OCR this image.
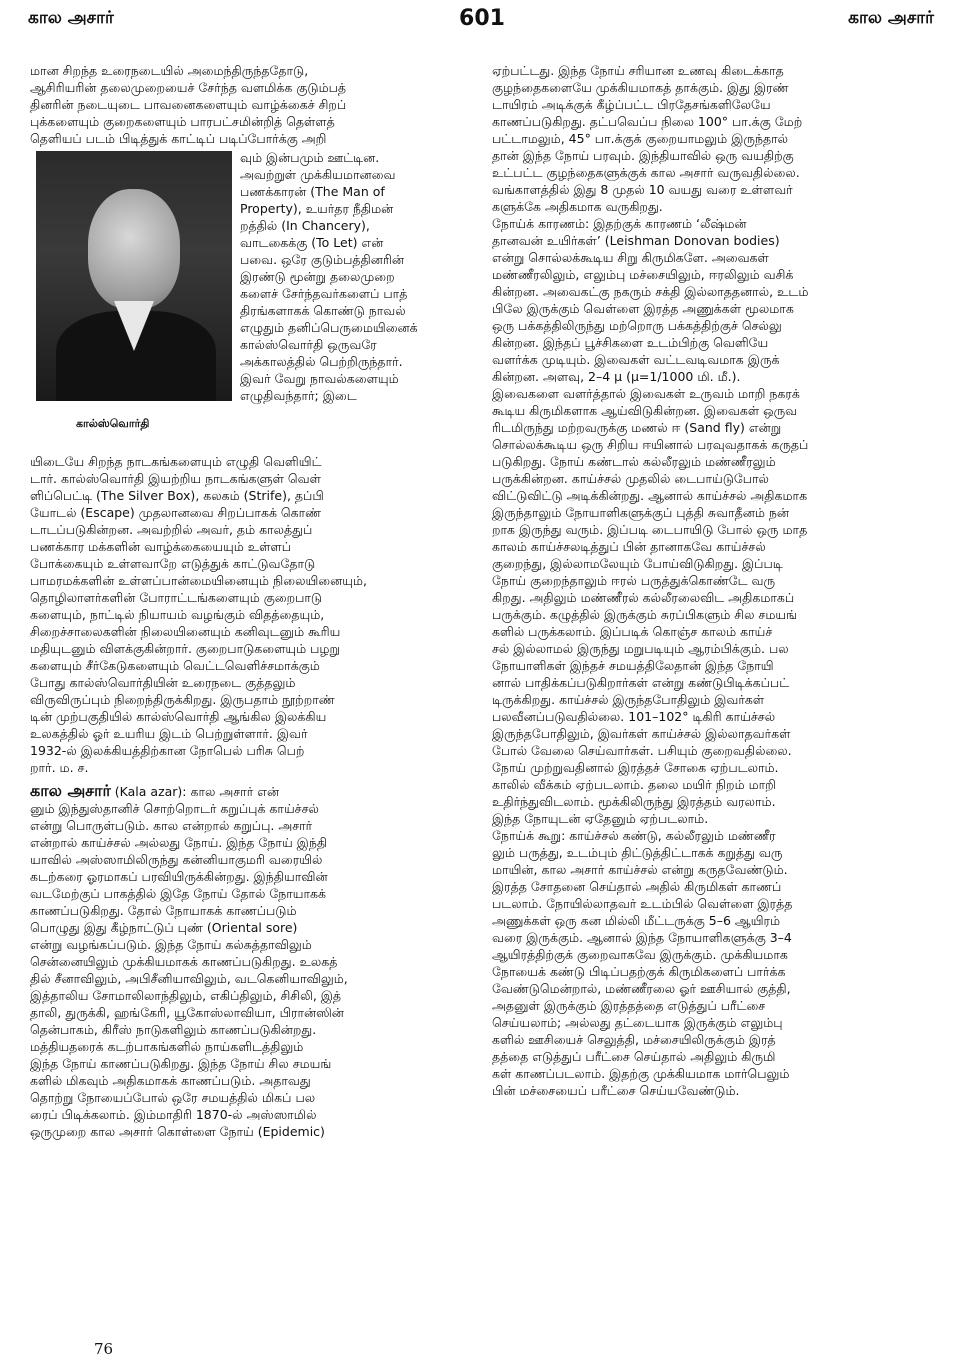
கால அசார்	601	கால அசார்
மான சிறந்த உரைநடையில் அமைந்திருந்ததோடு,
ஆசிரியரின் தலைமுறையைச் சேர்ந்த வளமிக்க குடும்பத்
தினரின் நடையுடை பாவனைகளையும் வாழ்க்கைச் சிறப்
புக்களையும் குறைகளையும் பாரபட்சமின்றித் தெள்ளத்
தெளியப் படம் பிடித்துக் காட்டிப் படிப்போர்க்கு அறி
கால்ஸ்வொர்தி
வும் இன்பமும் ஊட்டின.
அவற்றுள் முக்கியமானவை
பணக்காரன் (The Man of
Property), உயர்தர நீதிமன்
றத்தில் (In Chancery),
வாடகைக்கு (To Let) என்
பவை. ஒரே குடும்பத்தினரின்
இரண்டு மூன்று தலைமுறை
களைச் சேர்ந்தவர்களைப் பாத்
திரங்களாகக் கொண்டு நாவல்
எழுதும் தனிப்பெருமையினைக்
கால்ஸ்வொர்தி ஒருவரே
அக்காலத்தில் பெற்றிருந்தார்.
இவர் வேறு நாவல்களையும்
எழுதிவந்தார்; இடை
யிடையே சிறந்த நாடகங்களையும் எழுதி வெளியிட்
டார். கால்ஸ்வொர்தி இயற்றிய நாடகங்களுள் வெள்
ளிப்பெட்டி (The Silver Box), கலகம் (Strife), தப்பி
யோடல் (Escape) முதலானவை சிறப்பாகக் கொண்
டாடப்படுகின்றன. அவற்றில் அவர், தம் காலத்துப்
பணக்கார மக்களின் வாழ்க்கையையும் உள்ளப்
போக்கையும் உள்ளவாறே எடுத்துக் காட்டுவதோடு
பாமரமக்களின் உள்ளப்பான்மையினையும் நிலையினையும்,
தொழிலாளர்களின் போராட்டங்களையும் குறைபாடு
களையும், நாட்டில் நியாயம் வழங்கும் விதத்தையும்,
சிறைச்சாலைகளின் நிலையினையும் கனிவுடனும் கூரிய
மதியுடனும் விளக்குகின்றார். குறைபாடுகளையும் பழறு
களையும் சீர்கேடுகளையும் வெட்டவெளிச்சமாக்கும்
போது கால்ஸ்வொர்தியின் உரைநடை குத்தலும்
விருவிருப்பும் நிறைந்திருக்கிறது. இருபதாம் நூற்றாண்
டின் முற்பகுதியில் கால்ஸ்வொர்தி ஆங்கில இலக்கிய
உலகத்தில் ஓர் உயரிய இடம் பெற்றுள்ளார். இவர்
1932-ல் இலக்கியத்திற்கான நோபெல் பரிசு பெற்
றார். ம. ச.
கால அசார் (Kala azar): கால அசார் என்
னும் இந்துஸ்தானிச் சொற்றொடர் கறுப்புக் காய்ச்சல்
என்று பொருள்படும். கால என்றால் கறுப்பு. அசார்
என்றால் காய்ச்சல் அல்லது நோய். இந்த நோய் இந்தி
யாவில் அஸ்ஸாமிலிருந்து கன்னியாகுமரி வரையில்
கடற்கரை ஓரமாகப் பரவியிருக்கின்றது. இந்தியாவின்
வடமேற்குப் பாகத்தில் இதே நோய் தோல் நோயாகக்
காணப்படுகிறது. தோல் நோயாகக் காணப்படும்
பொழுது இது கீழ்நாட்டுப் புண் (Oriental sore)
என்று வழங்கப்படும். இந்த நோய் கல்கத்தாவிலும்
சென்னையிலும் முக்கியமாகக் காணப்படுகிறது. உலகத்
தில் சீனாவிலும், அபிசீனியாவிலும், வடகெனியாவிலும்,
இத்தாலிய சோமாலிலாந்திலும், எகிப்திலும், சிசிலி, இத்
தாலி, துருக்கி, ஹங்கேரி, யூகோஸ்லாவியா, பிரான்ஸின்
தென்பாகம், கிரீஸ் நாடுகளிலும் காணப்படுகின்றது.
மத்தியதரைக் கடற்பாகங்களில் நாய்களிடத்திலும்
இந்த நோய் காணப்படுகிறது. இந்த நோய் சில சமயங்
களில் மிகவும் அதிகமாகக் காணப்படும். அதாவது
தொற்று நோயைப்போல் ஒரே சமயத்தில் மிகப் பல
ரைப் பிடிக்கலாம். இம்மாதிரி 1870-ல் அஸ்ஸாமில்
ஒருமுறை கால அசார் கொள்ளை நோய் (Epidemic)
ஏற்பட்டது. இந்த நோய் சரியான உணவு கிடைக்காத
குழந்தைகளையே முக்கியமாகத் தாக்கும். இது இரண்
டாயிரம் அடிக்குக் கீழ்ப்பட்ட பிரதேசங்களிலேயே
காணப்படுகிறது. தட்பவெப்ப நிலை 100° பா.க்கு மேற்
பட்டாமலும், 45° பா.க்குக் குறையாமலும் இருந்தால்
தான் இந்த நோய் பரவும். இந்தியாவில் ஒரு வயதிற்கு
உட்பட்ட குழந்தைகளுக்குக் கால அசார் வருவதில்லை.
வங்காளத்தில் இது 8 முதல் 10 வயது வரை உள்ளவர்
களுக்கே அதிகமாக வருகிறது.
நோய்க் காரணம்: இதற்குக் காரணம் ‘லீஷ்மன்
தானவன் உயிர்கள்’ (Leishman Donovan bodies)
என்று சொல்லக்கூடிய சிறு கிருமிகளே. அவைகள்
மண்ணீரலிலும், எலும்பு மச்சையிலும், ஈரலிலும் வசிக்
கின்றன. அவைகட்கு நகரும் சக்தி இல்லாததனால், உடம்
பிலே இருக்கும் வெள்ளை இரத்த அணுக்கள் மூலமாக
ஒரு பக்கத்திலிருந்து மற்றொரு பக்கத்திற்குச் செல்லு
கின்றன. இந்தப் பூச்சிகளை உடம்பிற்கு வெளியே
வளர்க்க முடியும். இவைகள் வட்டவடிவமாக இருக்
கின்றன. அளவு, 2–4 μ (μ=1/1000 மி. மீ.).
இவைகளை வளர்த்தால் இவைகள் உருவம் மாறி நகரக்
கூடிய கிருமிகளாக ஆய்விடுகின்றன. இவைகள் ஒருவ
ரிடமிருந்து மற்றவருக்கு மணல் ஈ (Sand fly) என்று
சொல்லக்கூடிய ஒரு சிறிய ஈயினால் பரவுவதாகக் கருதப்
படுகிறது. நோய் கண்டால் கல்லீரலும் மண்ணீரலும்
பருக்கின்றன. காய்ச்சல் முதலில் டைபாய்டுபோல்
விட்டுவிட்டு அடிக்கின்றது. ஆனால் காய்ச்சல் அதிகமாக
இருந்தாலும் நோயாளிகளுக்குப் புத்தி சுவாதீனம் நன்
றாக இருந்து வரும். இப்படி டைபாயிடு போல் ஒரு மாத
காலம் காய்ச்சலடித்துப் பின் தானாகவே காய்ச்சல்
குறைந்து, இல்லாமலேயும் போய்விடுகிறது. இப்படி
நோய் குறைந்தாலும் ஈரல் பருத்துக்கொண்டே வரு
கிறது. அதிலும் மண்ணீரல் கல்லீரலைவிட அதிகமாகப்
பருக்கும். கழுத்தில் இருக்கும் சுரப்பிகளும் சில சமயங்
களில் பருக்கலாம். இப்படிக் கொஞ்ச காலம் காய்ச்
சல் இல்லாமல் இருந்து மறுபடியும் ஆரம்பிக்கும். பல
நோயாளிகள் இந்தச் சமயத்திலேதான் இந்த நோயி
னால் பாதிக்கப்படுகிறார்கள் என்று கண்டுபிடிக்கப்பட்
டிருக்கிறது. காய்ச்சல் இருந்தபோதிலும் இவர்கள்
பலவீனப்படுவதில்லை. 101–102° டிகிரி காய்ச்சல்
இருந்தபோதிலும், இவர்கள் காய்ச்சல் இல்லாதவர்கள்
போல் வேலை செய்வார்கள். பசியும் குறைவதில்லை.
நோய் முற்றுவதினால் இரத்தச் சோகை ஏற்படலாம்.
காலில் வீக்கம் ஏற்படலாம். தலை மயிர் நிறம் மாறி
உதிர்ந்துவிடலாம். மூக்கிலிருந்து இரத்தம் வரலாம்.
இந்த நோயுடன் ஏதேனும் ஏற்படலாம்.
நோய்க் கூறு: காய்ச்சல் கண்டு, கல்லீரலும் மண்ணீர
லும் பருத்து, உடம்பும் திட்டுத்திட்டாகக் கறுத்து வரு
மாயின், கால அசார் காய்ச்சல் என்று கருதவேண்டும்.
இரத்த சோதனை செய்தால் அதில் கிருமிகள் காணப்
படலாம். நோயில்லாதவர் உடம்பில் வெள்ளை இரத்த
அணுக்கள் ஒரு கன மில்லி மீட்டருக்கு 5–6 ஆயிரம்
வரை இருக்கும். ஆனால் இந்த நோயாளிகளுக்கு 3–4
ஆயிரத்திற்குக் குறைவாகவே இருக்கும். முக்கியமாக
நோயைக் கண்டு பிடிப்பதற்குக் கிருமிகளைப் பார்க்க
வேண்டுமென்றால், மண்ணீரலை ஓர் ஊசியால் குத்தி,
அதனுள் இருக்கும் இரத்தத்தை எடுத்துப் பரீட்சை
செய்யலாம்; அல்லது தட்டையாக இருக்கும் எலும்பு
களில் ஊசியைச் செலுத்தி, மச்சையிலிருக்கும் இரத்
தத்தை எடுத்துப் பரீட்சை செய்தால் அதிலும் கிருமி
கள் காணப்படலாம். இதற்கு முக்கியமாக மார்பெலும்
பின் மச்சையைப் பரீட்சை செய்யவேண்டும்.
76
